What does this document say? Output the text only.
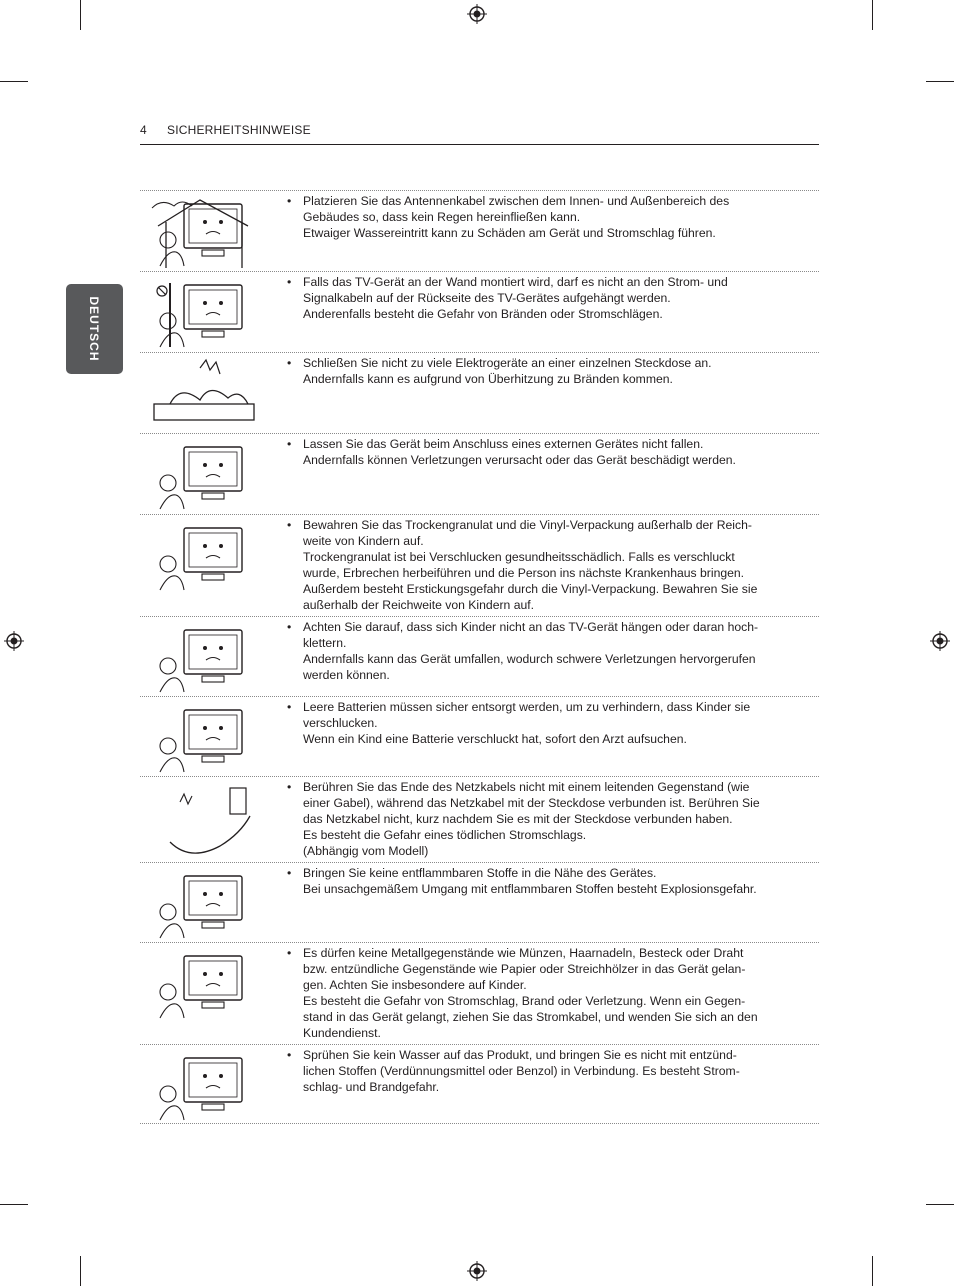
4 SICHERHEITSHINWEISE
DEUTSCH
• Platzieren Sie das Antennenkabel zwischen dem Innen- und Außenbereich des
Gebäudes so, dass kein Regen hereinfließen kann.
Etwaiger Wassereintritt kann zu Schäden am Gerät und Stromschlag führen.
• Falls das TV-Gerät an der Wand montiert wird, darf es nicht an den Strom- und
Signalkabeln auf der Rückseite des TV-Gerätes aufgehängt werden.
Anderenfalls besteht die Gefahr von Bränden oder Stromschlägen.
• Schließen Sie nicht zu viele Elektrogeräte an einer einzelnen Steckdose an.
Andernfalls kann es aufgrund von Überhitzung zu Bränden kommen.
• Lassen Sie das Gerät beim Anschluss eines externen Gerätes nicht fallen.
Andernfalls können Verletzungen verursacht oder das Gerät beschädigt werden.
• Bewahren Sie das Trockengranulat und die Vinyl-Verpackung außerhalb der Reich-
weite von Kindern auf.
Trockengranulat ist bei Verschlucken gesundheitsschädlich. Falls es verschluckt
wurde, Erbrechen herbeiführen und die Person ins nächste Krankenhaus bringen.
Außerdem besteht Erstickungsgefahr durch die Vinyl-Verpackung. Bewahren Sie sie
außerhalb der Reichweite von Kindern auf.
• Achten Sie darauf, dass sich Kinder nicht an das TV-Gerät hängen oder daran hoch-
klettern.
Andernfalls kann das Gerät umfallen, wodurch schwere Verletzungen hervorgerufen
werden können.
• Leere Batterien müssen sicher entsorgt werden, um zu verhindern, dass Kinder sie
verschlucken.
Wenn ein Kind eine Batterie verschluckt hat, sofort den Arzt aufsuchen.
• Berühren Sie das Ende des Netzkabels nicht mit einem leitenden Gegenstand (wie
einer Gabel), während das Netzkabel mit der Steckdose verbunden ist. Berühren Sie
das Netzkabel nicht, kurz nachdem Sie es mit der Steckdose verbunden haben.
Es besteht die Gefahr eines tödlichen Stromschlags.
(Abhängig vom Modell)
• Bringen Sie keine entflammbaren Stoffe in die Nähe des Gerätes.
Bei unsachgemäßem Umgang mit entflammbaren Stoffen besteht Explosionsgefahr.
• Es dürfen keine Metallgegenstände wie Münzen, Haarnadeln, Besteck oder Draht
bzw. entzündliche Gegenstände wie Papier oder Streichhölzer in das Gerät gelan-
gen. Achten Sie insbesondere auf Kinder.
Es besteht die Gefahr von Stromschlag, Brand oder Verletzung. Wenn ein Gegen-
stand in das Gerät gelangt, ziehen Sie das Stromkabel, und wenden Sie sich an den
Kundendienst.
• Sprühen Sie kein Wasser auf das Produkt, und bringen Sie es nicht mit entzünd-
lichen Stoffen (Verdünnungsmittel oder Benzol) in Verbindung. Es besteht Strom-
schlag- und Brandgefahr.
